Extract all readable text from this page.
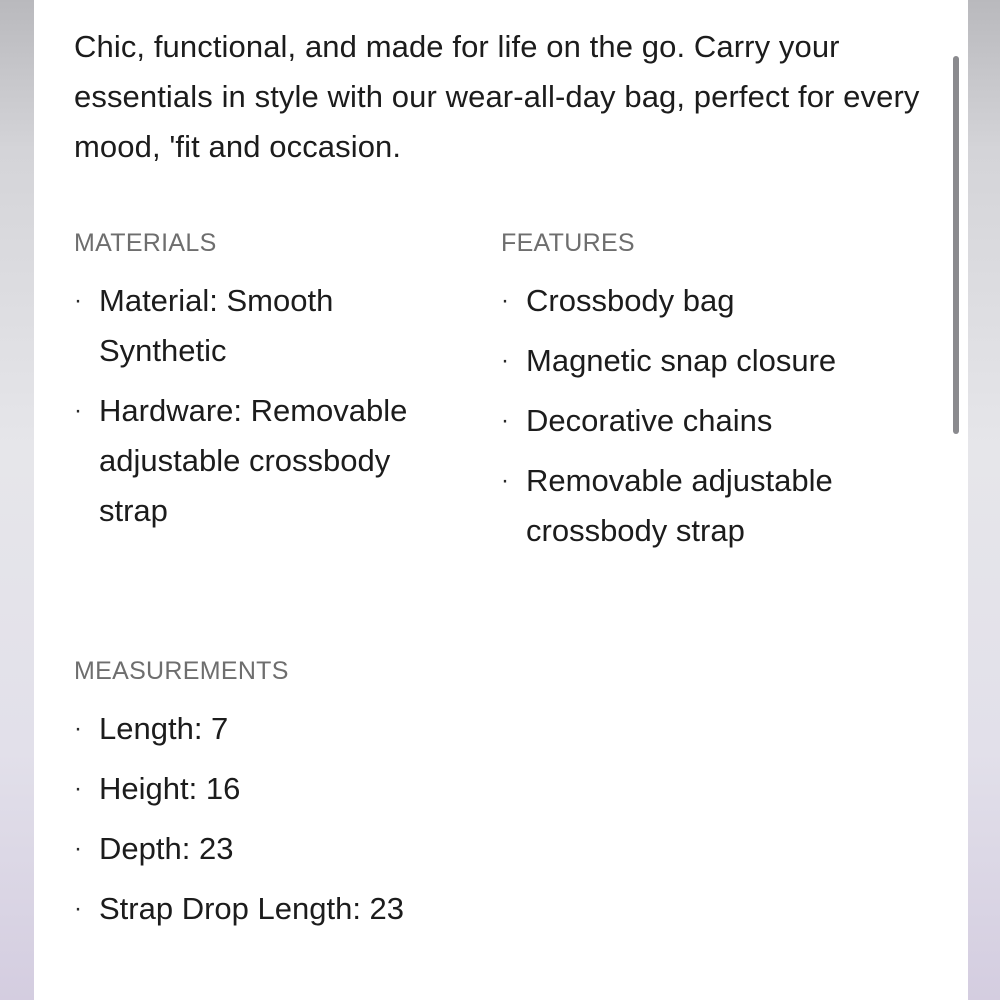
Chic, functional, and made for life on the go. Carry your essentials in style with our wear-all-day bag, perfect for every mood, 'fit and occasion.

MATERIALS
· Material: Smooth Synthetic
· Hardware: Removable adjustable crossbody strap
FEATURES
· Crossbody bag
· Magnetic snap closure
· Decorative chains
· Removable adjustable crossbody strap
MEASUREMENTS
· Length: 7
· Height: 16
· Depth: 23
· Strap Drop Length: 23
